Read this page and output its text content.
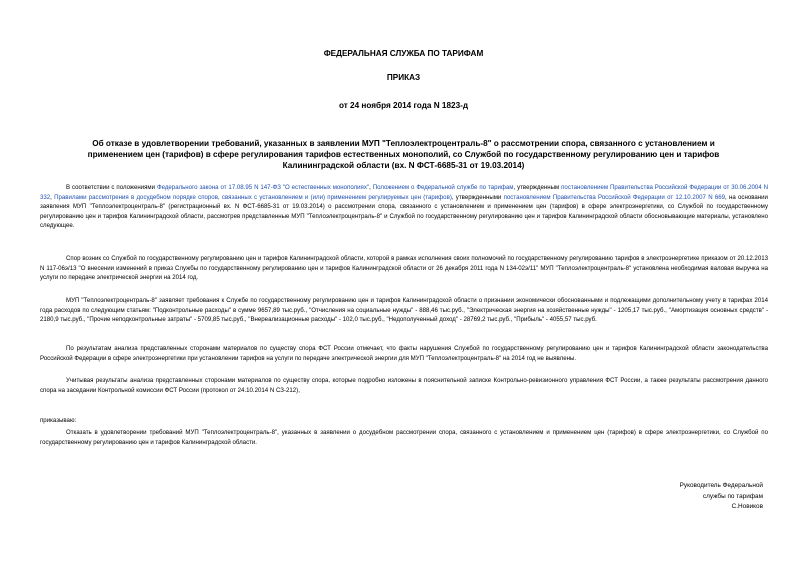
ФЕДЕРАЛЬНАЯ СЛУЖБА ПО ТАРИФАМ
ПРИКАЗ
от 24 ноября 2014 года N 1823-д
Об отказе в удовлетворении требований, указанных в заявлении МУП "Теплоэлектроцентраль-8" о рассмотрении спора, связанного с установлением и применением цен (тарифов) в сфере регулирования тарифов естественных монополий, со Службой по государственному регулированию цен и тарифов Калининградской области (вх. N ФСТ-6685-31 от 19.03.2014)

В соответствии с положениями Федерального закона от 17.08.95 N 147-ФЗ "О естественных монополиях", Положением о Федеральной службе по тарифам, утвержденным постановлением Правительства Российской Федерации от 30.06.2004 N 332, Правилами рассмотрения в досудебном порядке споров, связанных с установлением и (или) применением регулируемых цен (тарифов), утвержденными постановлением Правительства Российской Федерации от 12.10.2007 N 669, на основании заявления МУП "Теплоэлектроцентраль-8" (регистрационный вх. N ФСТ-6685-31 от 19.03.2014) о рассмотрении спора, связанного с установлением и применением цен (тарифов) в сфере электроэнергетики, со Службой по государственному регулированию цен и тарифов Калининградской области, рассмотрев представленные МУП "Теплоэлектроцентраль-8" и Службой по государственному регулированию цен и тарифов Калининградской области обосновывающие материалы, установлено следующее.

Спор возник со Службой по государственному регулированию цен и тарифов Калининградской области, которой в рамках исполнения своих полномочий по государственному регулированию тарифов в электроэнергетике приказом от 20.12.2013 N 117-06э/13 "О внесении изменений в приказ Службы по государственному регулированию цен и тарифов Калининградской области от 26 декабря 2011 года N 134-02э/11" МУП "Теплоэлектроцентраль-8" установлена необходимая валовая выручка на услуги по передаче электрической энергии на 2014 год.

МУП "Теплоэлектроцентраль-8" заявляет требования к Службе по государственному регулированию цен и тарифов Калининградской области о признании экономически обоснованными и подлежащими дополнительному учету в тарифах 2014 года расходов по следующим статьям: "Подконтрольные расходы" в сумме 9657,89 тыс.руб., "Отчисления на социальные нужды" - 888,46 тыс.руб., "Электрическая энергия на хозяйственные нужды" - 1205,17 тыс.руб., "Амортизация основных средств" - 2180,9 тыс.руб., "Прочие неподконтрольные затраты" - 5709,85 тыс.руб., "Внереализационные расходы" - 102,0 тыс.руб., "Недополученный доход" - 28769,2 тыс.руб., "Прибыль" - 4055,57 тыс.руб.

По результатам анализа представленных сторонами материалов по существу спора ФСТ России отмечает, что факты нарушения Службой по государственному регулированию цен и тарифов Калининградской области законодательства Российской Федерации в сфере электроэнергетики при установлении тарифов на услуги по передаче электрической энергии для МУП "Теплоэлектроцентраль-8" на 2014 год не выявлены.

Учитывая результаты анализа представленных сторонами материалов по существу спора, которые подробно изложены в пояснительной записке Контрольно-ревизионного управления ФСТ России, а также результаты рассмотрения данного спора на заседании Контрольной комиссии ФСТ России (протокол от 24.10.2014 N СЗ-212),

приказываю:

Отказать в удовлетворении требований МУП "Теплоэлектроцентраль-8", указанных в заявлении о досудебном рассмотрении спора, связанного с установлением и применением цен (тарифов) в сфере электроэнергетики, со Службой по государственному регулированию цен и тарифов Калининградской области.

Руководитель Федеральной
службы по тарифам
С.Новиков
